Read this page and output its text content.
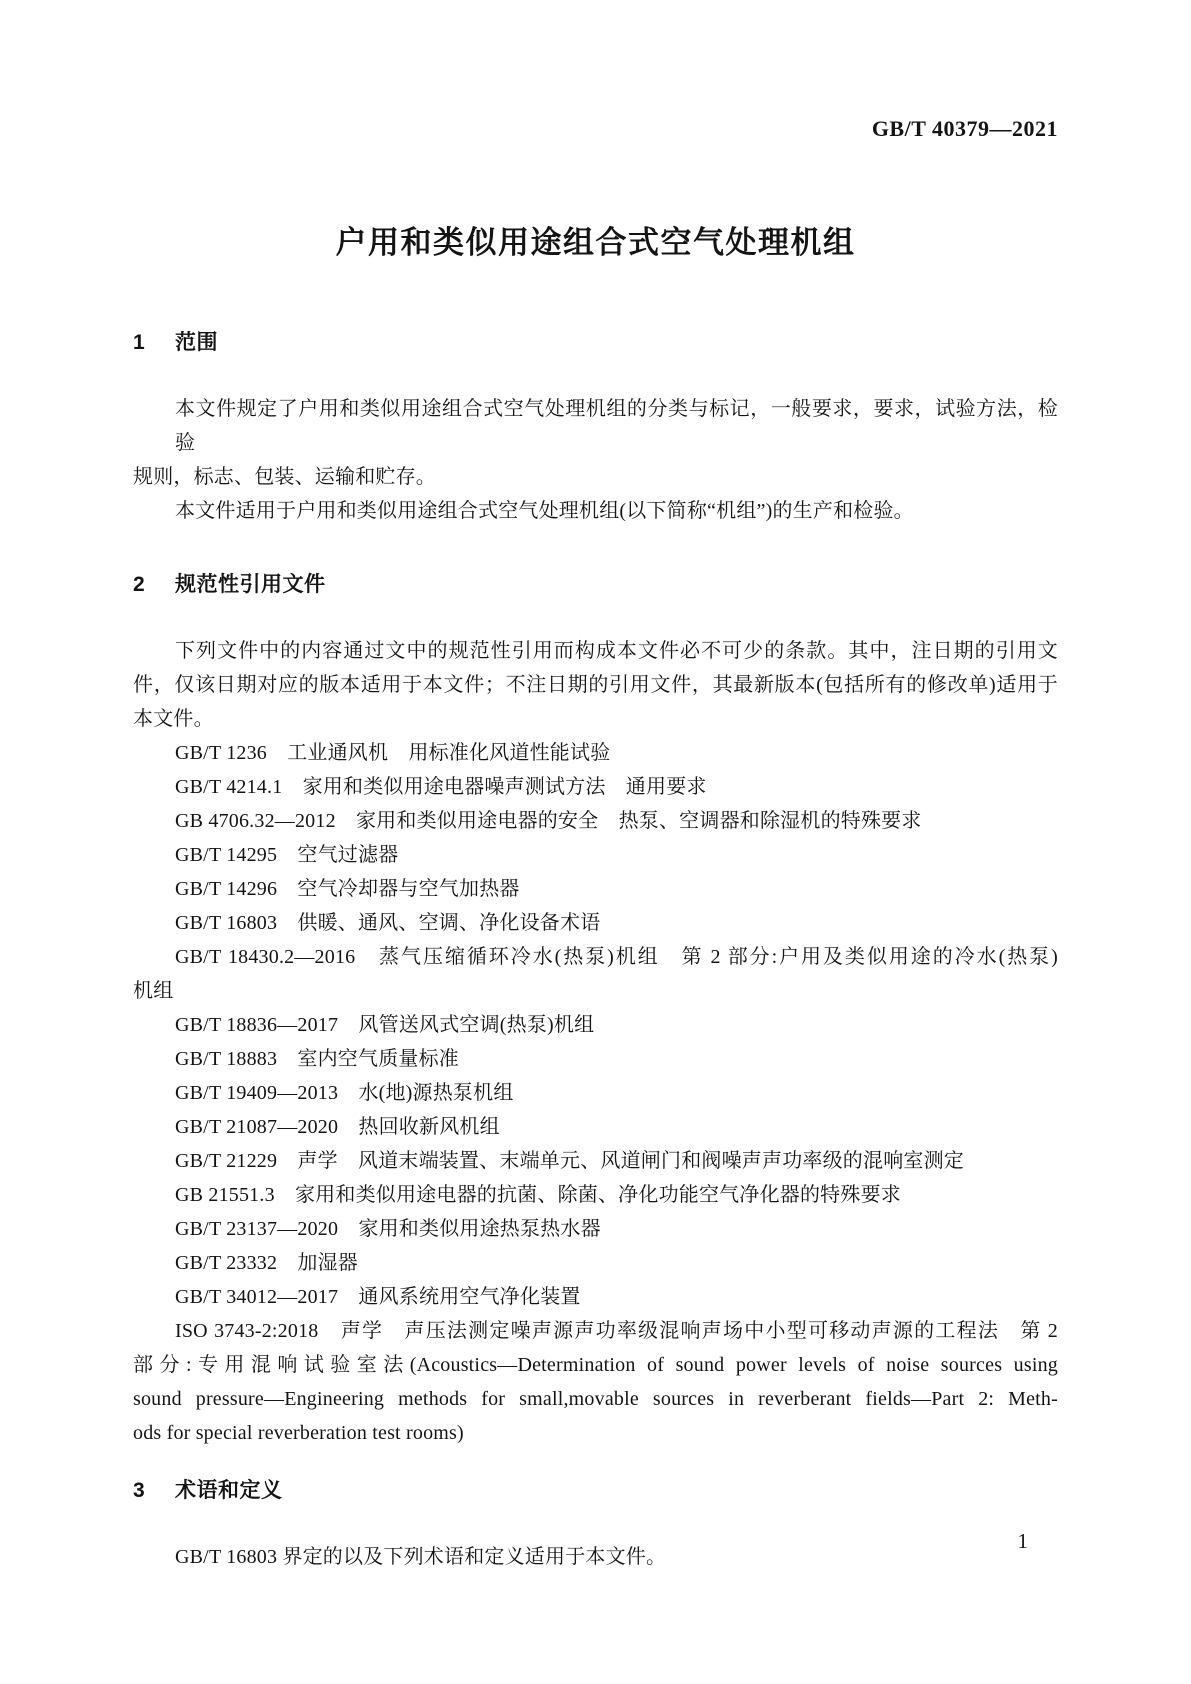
GB/T 40379—2021
户用和类似用途组合式空气处理机组
1 范围
本文件规定了户用和类似用途组合式空气处理机组的分类与标记，一般要求，要求，试验方法，检验
规则，标志、包装、运输和贮存。
本文件适用于户用和类似用途组合式空气处理机组(以下简称“机组”)的生产和检验。
2 规范性引用文件
下列文件中的内容通过文中的规范性引用而构成本文件必不可少的条款。其中，注日期的引用文
件，仅该日期对应的版本适用于本文件；不注日期的引用文件，其最新版本(包括所有的修改单)适用于
本文件。
GB/T 1236　工业通风机　用标准化风道性能试验
GB/T 4214.1　家用和类似用途电器噪声测试方法　通用要求
GB 4706.32—2012　家用和类似用途电器的安全　热泵、空调器和除湿机的特殊要求
GB/T 14295　空气过滤器
GB/T 14296　空气冷却器与空气加热器
GB/T 16803　供暖、通风、空调、净化设备术语
GB/T 18430.2—2016　蒸气压缩循环冷水(热泵)机组　第 2 部分:户用及类似用途的冷水(热泵)
机组
GB/T 18836—2017　风管送风式空调(热泵)机组
GB/T 18883　室内空气质量标准
GB/T 19409—2013　水(地)源热泵机组
GB/T 21087—2020　热回收新风机组
GB/T 21229　声学　风道末端装置、末端单元、风道闸门和阀噪声声功率级的混响室测定
GB 21551.3　家用和类似用途电器的抗菌、除菌、净化功能空气净化器的特殊要求
GB/T 23137—2020　家用和类似用途热泵热水器
GB/T 23332　加湿器
GB/T 34012—2017　通风系统用空气净化装置
ISO 3743-2:2018　声学　声压法测定噪声源声功率级混响声场中小型可移动声源的工程法　第 2
部分:专用混响试验室法(Acoustics—Determination of sound power levels of noise sources using
sound pressure—Engineering methods for small,movable sources in reverberant fields—Part 2: Meth-
ods for special reverberation test rooms)
3 术语和定义
GB/T 16803 界定的以及下列术语和定义适用于本文件。
1
